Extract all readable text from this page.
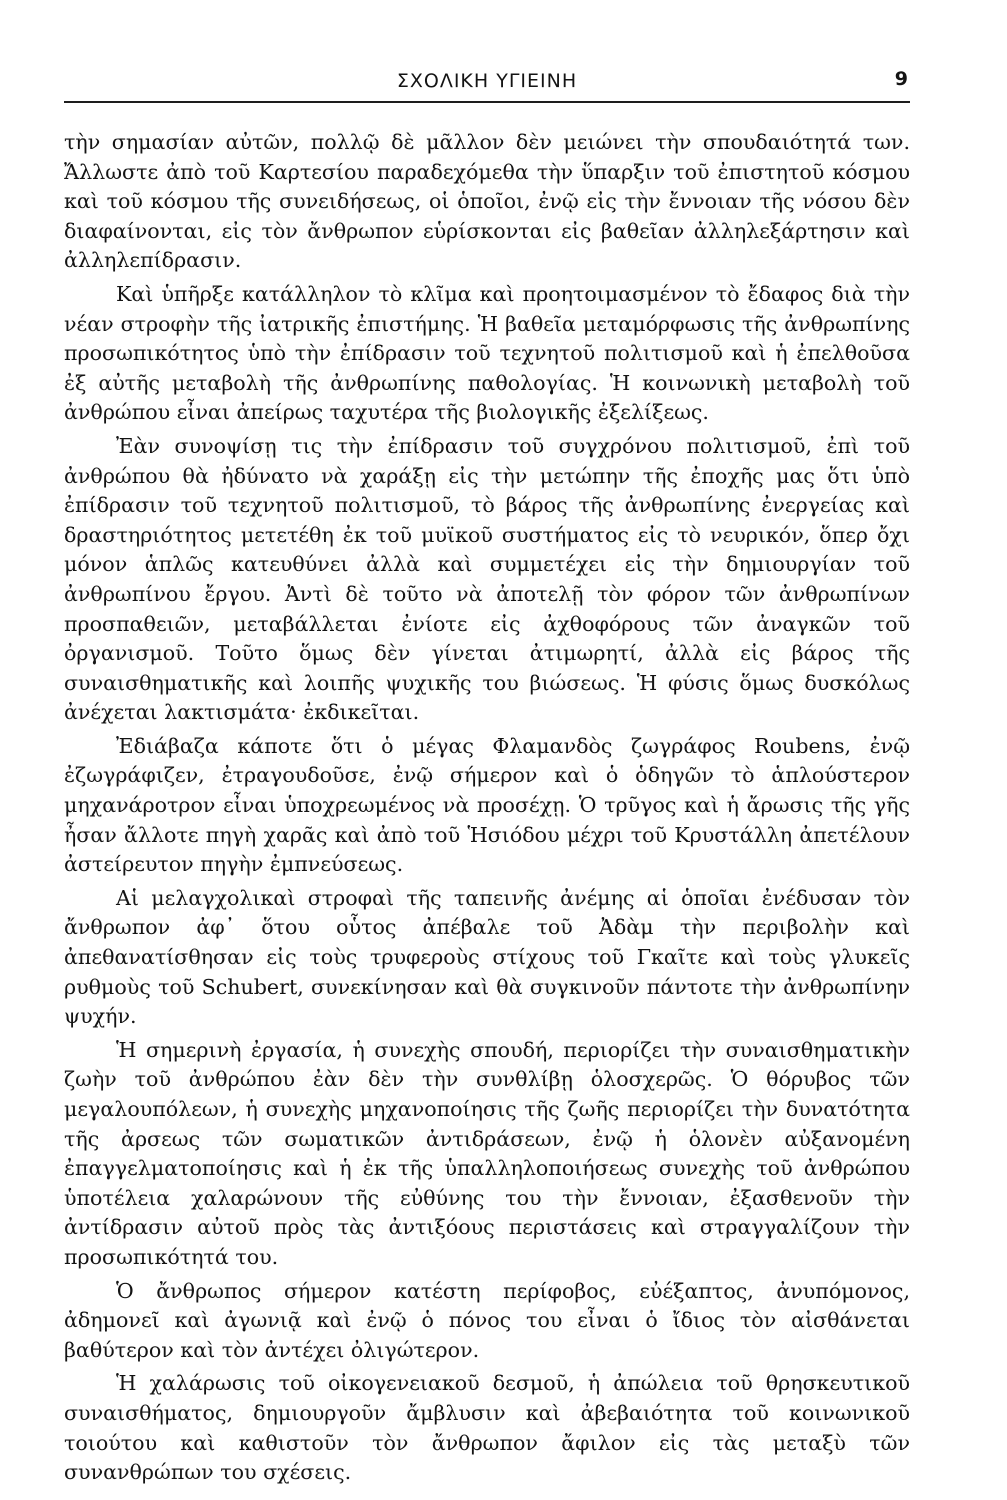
ΣΧΟΛΙΚΗ ΥΓΙΕΙΝΗ	9

τὴν σημασίαν αὐτῶν, πολλῷ δὲ μᾶλλον δὲν μειώνει τὴν σπουδαιότητά των. Ἄλλωστε ἀπὸ τοῦ Καρτεσίου παραδεχόμεθα τὴν ὕπαρξιν τοῦ ἐπιστητοῦ κόσμου καὶ τοῦ κόσμου τῆς συνειδήσεως, οἱ ὁποῖοι, ἐνῷ εἰς τὴν ἔννοιαν τῆς νόσου δὲν διαφαίνονται, εἰς τὸν ἄνθρωπον εὑρίσκονται εἰς βαθεῖαν ἀλληλεξάρτησιν καὶ ἀλληλεπίδρασιν.

Καὶ ὑπῆρξε κατάλληλον τὸ κλῖμα καὶ προητοιμασμένον τὸ ἔδαφος διὰ τὴν νέαν στροφὴν τῆς ἰατρικῆς ἐπιστήμης. Ἡ βαθεῖα μεταμόρφωσις τῆς ἀνθρωπίνης προσωπικότητος ὑπὸ τὴν ἐπίδρασιν τοῦ τεχνητοῦ πολιτισμοῦ καὶ ἡ ἐπελθοῦσα ἐξ αὐτῆς μεταβολὴ τῆς ἀνθρωπίνης παθολογίας. Ἡ κοινωνικὴ μεταβολὴ τοῦ ἀνθρώπου εἶναι ἀπείρως ταχυτέρα τῆς βιολογικῆς ἐξελίξεως.

Ἐὰν συνοψίσῃ τις τὴν ἐπίδρασιν τοῦ συγχρόνου πολιτισμοῦ, ἐπὶ τοῦ ἀνθρώπου θὰ ἠδύνατο νὰ χαράξῃ εἰς τὴν μετώπην τῆς ἐποχῆς μας ὅτι ὑπὸ ἐπίδρασιν τοῦ τεχνητοῦ πολιτισμοῦ, τὸ βάρος τῆς ἀνθρωπίνης ἐνεργείας καὶ δραστηριότητος μετετέθη ἐκ τοῦ μυϊκοῦ συστήματος εἰς τὸ νευρικόν, ὅπερ ὄχι μόνον ἁπλῶς κατευθύνει ἀλλὰ καὶ συμμετέχει εἰς τὴν δημιουργίαν τοῦ ἀνθρωπίνου ἔργου. Ἀντὶ δὲ τοῦτο νὰ ἀποτελῇ τὸν φόρον τῶν ἀνθρωπίνων προσπαθειῶν, μεταβάλλεται ἐνίοτε εἰς ἀχθοφόρους τῶν ἀναγκῶν τοῦ ὀργανισμοῦ. Τοῦτο ὅμως δὲν γίνεται ἀτιμωρητί, ἀλλὰ εἰς βάρος τῆς συναισθηματικῆς καὶ λοιπῆς ψυχικῆς του βιώσεως. Ἡ φύσις ὅμως δυσκόλως ἀνέχεται λακτισμάτα· ἐκδικεῖται.

Ἐδιάβαζα κάποτε ὅτι ὁ μέγας Φλαμανδὸς ζωγράφος Roubens, ἐνῷ ἐζωγράφιζεν, ἐτραγουδοῦσε, ἐνῷ σήμερον καὶ ὁ ὁδηγῶν τὸ ἁπλούστερον μηχανάροτρον εἶναι ὑποχρεωμένος νὰ προσέχῃ. Ὁ τρῦγος καὶ ἡ ἄρωσις τῆς γῆς ἦσαν ἄλλοτε πηγὴ χαρᾶς καὶ ἀπὸ τοῦ Ἡσιόδου μέχρι τοῦ Κρυστάλλη ἀπετέλουν ἀστείρευτον πηγὴν ἐμπνεύσεως.

Αἱ μελαγχολικαὶ στροφαὶ τῆς ταπεινῆς ἀνέμης αἱ ὁποῖαι ἐνέδυσαν τὸν ἄνθρωπον ἀφ᾽ ὅτου οὗτος ἀπέβαλε τοῦ Ἀδὰμ τὴν περιβολὴν καὶ ἀπεθανατίσθησαν εἰς τοὺς τρυφεροὺς στίχους τοῦ Γκαῖτε καὶ τοὺς γλυκεῖς ρυθμοὺς τοῦ Schubert, συνεκίνησαν καὶ θὰ συγκινοῦν πάντοτε τὴν ἀνθρωπίνην ψυχήν.

Ἡ σημερινὴ ἐργασία, ἡ συνεχὴς σπουδή, περιορίζει τὴν συναισθηματικὴν ζωὴν τοῦ ἀνθρώπου ἐὰν δὲν τὴν συνθλίβῃ ὁλοσχερῶς. Ὁ θόρυβος τῶν μεγαλουπόλεων, ἡ συνεχὴς μηχανοποίησις τῆς ζωῆς περιορίζει τὴν δυνατότητα τῆς ἀρσεως τῶν σωματικῶν ἀντιδράσεων, ἐνῷ ἡ ὁλονὲν αὐξανομένη ἐπαγγελματοποίησις καὶ ἡ ἐκ τῆς ὑπαλληλοποιήσεως συνεχὴς τοῦ ἀνθρώπου ὑποτέλεια χαλαρώνουν τῆς εὐθύνης του τὴν ἔννοιαν, ἐξασθενοῦν τὴν ἀντίδρασιν αὐτοῦ πρὸς τὰς ἀντιξόους περιστάσεις καὶ στραγγαλίζουν τὴν προσωπικότητά του.

Ὁ ἄνθρωπος σήμερον κατέστη περίφοβος, εὐέξαπτος, ἀνυπόμονος, ἀδημονεῖ καὶ ἀγωνιᾷ καὶ ἐνῷ ὁ πόνος του εἶναι ὁ ἴδιος τὸν αἰσθάνεται βαθύτερον καὶ τὸν ἀντέχει ὀλιγώτερον.

Ἡ χαλάρωσις τοῦ οἰκογενειακοῦ δεσμοῦ, ἡ ἀπώλεια τοῦ θρησκευτικοῦ συναισθήματος, δημιουργοῦν ἄμβλυσιν καὶ ἀβεβαιότητα τοῦ κοινωνικοῦ τοιούτου καὶ καθιστοῦν τὸν ἄνθρωπον ἄφιλον εἰς τὰς μεταξὺ τῶν συνανθρώπων του σχέσεις.
